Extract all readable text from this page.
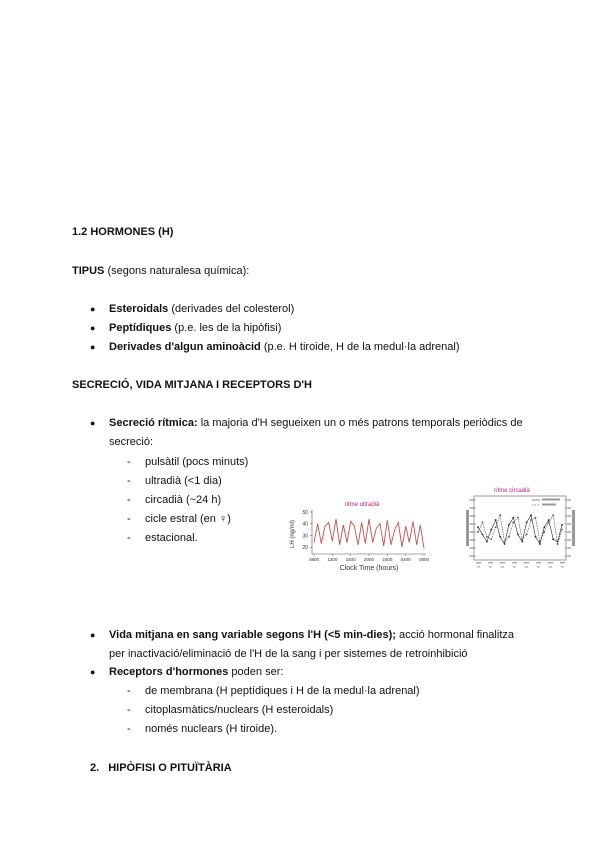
1.2 HORMONES (H)
TIPUS (segons naturalesa química):
● Esteroidals (derivades del colesterol)
● Peptídiques (p.e. les de la hipòfisi)
● Derivades d'algun aminoàcid (p.e. H tiroide, H de la medul·la adrenal)
SECRECIÓ, VIDA MITJANA I RECEPTORS D'H
● Secreció rítmica: la majoria d'H segueixen un o més patrons temporals periòdics de
secreció:
- pulsàtil (pocs minuts)
- ultradià (<1 dia)
- circadià (~24 h)
- cicle estral (en ♀)
- estacional.
ritme ultradià
LH (ng/ml)
20
30
40
50
0800 1200 1600 2000 2400 0400 0800
Clock Time (hours)
ritme circadià
● Vida mitjana en sang variable segons l'H (<5 min-dies); acció hormonal finalitza
per inactivació/eliminació de l'H de la sang i per sistemes de retroinhibició
● Receptors d'hormones poden ser:
- de membrana (H peptídiques i H de la medul·la adrenal)
- citoplasmàtics/nuclears (H esteroidals)
- només nuclears (H tiroide).
2. HIPÒFISI O PITUÏTÀRIA
